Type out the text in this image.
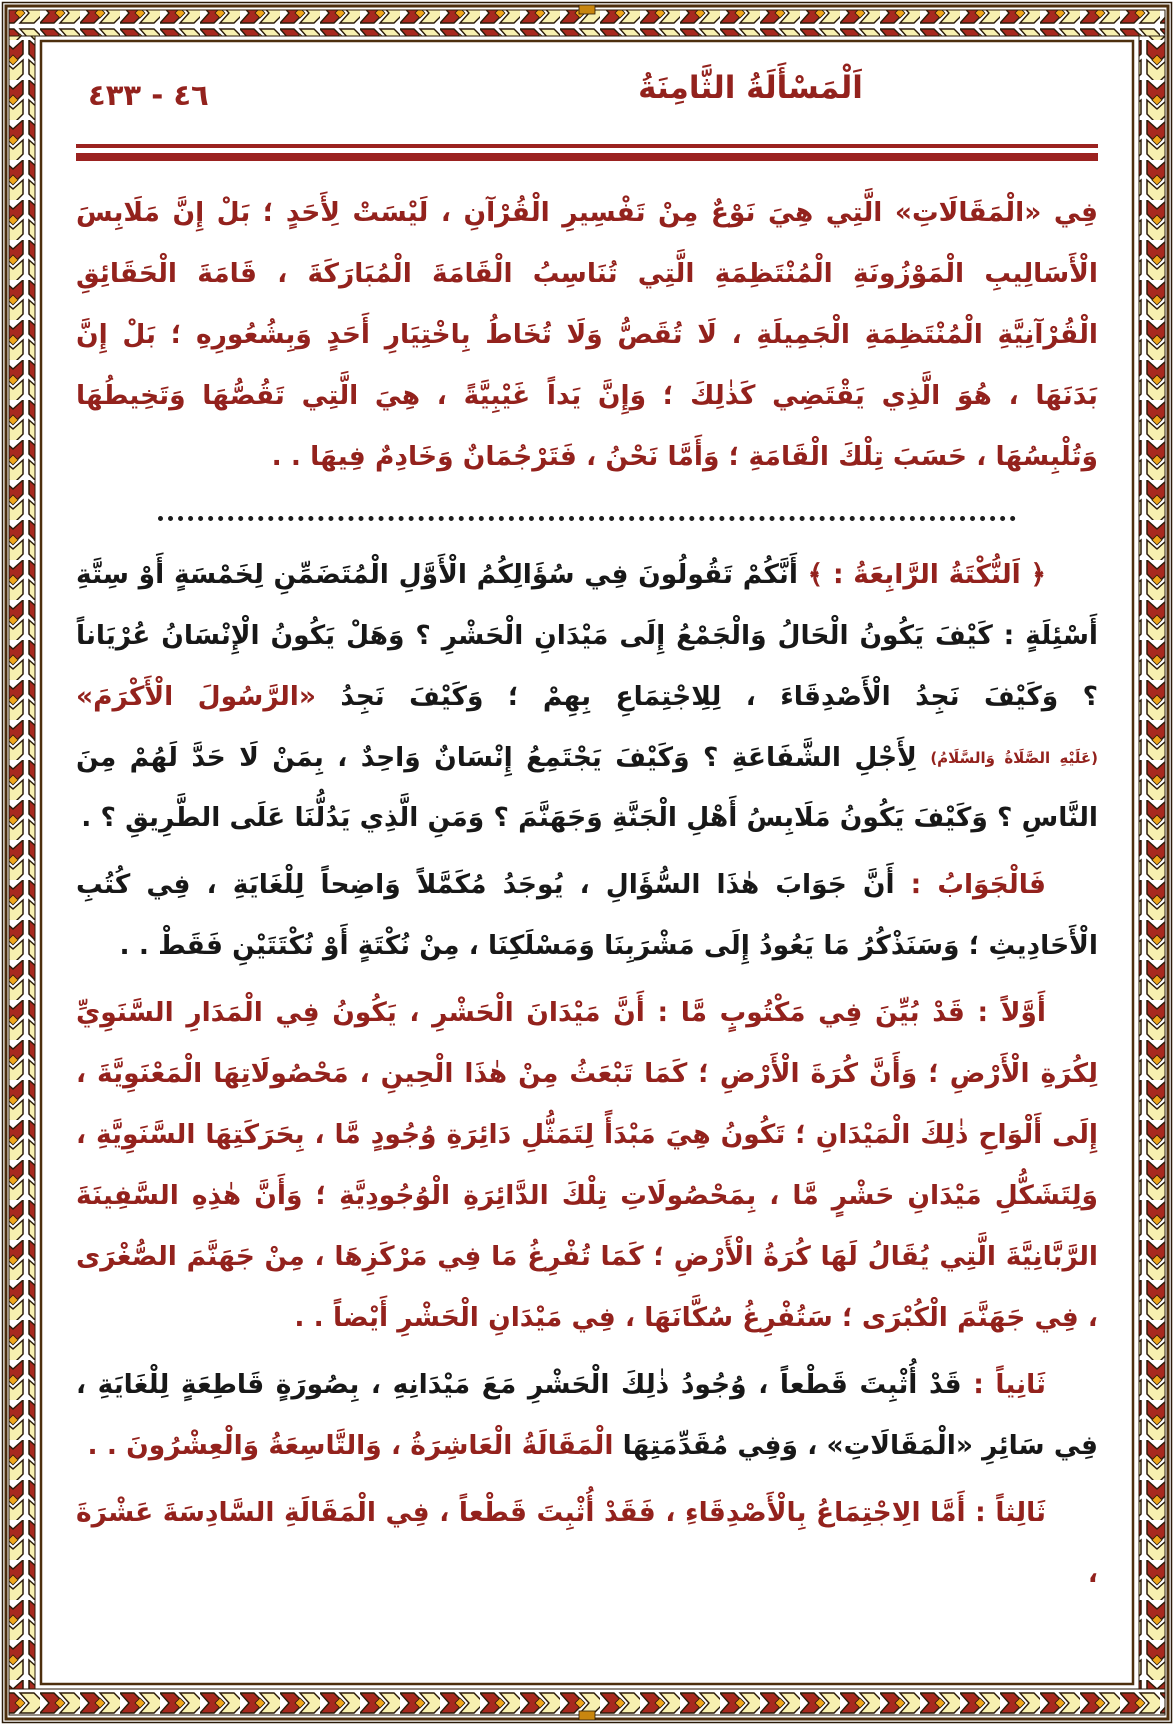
٤٦ - ٤٣٣	اَلْمَسْأَلَةُ الثَّامِنَةُ

فِي «الْمَقَالَاتِ» الَّتِي هِيَ نَوْعٌ مِنْ تَفْسِيرِ الْقُرْآنِ ، لَيْسَتْ لِأَحَدٍ ؛ بَلْ إِنَّ مَلَابِسَ الْأَسَالِيبِ الْمَوْزُونَةِ الْمُنْتَظِمَةِ الَّتِي تُنَاسِبُ الْقَامَةَ الْمُبَارَكَةَ ، قَامَةَ الْحَقَائِقِ الْقُرْآنِيَّةِ الْمُنْتَظِمَةِ الْجَمِيلَةِ ، لَا تُقَصُّ وَلَا تُخَاطُ بِاخْتِيَارِ أَحَدٍ وَبِشُعُورِهِ ؛ بَلْ إِنَّ بَدَنَهَا ، هُوَ الَّذِي يَقْتَضِي كَذٰلِكَ ؛ وَإِنَّ يَداً غَيْبِيَّةً ، هِيَ الَّتِي تَقُصُّهَا وَتَخِيطُهَا وَتُلْبِسُهَا ، حَسَبَ تِلْكَ الْقَامَةِ ؛ وَأَمَّا نَحْنُ ، فَتَرْجُمَانٌ وَخَادِمٌ فِيهَا . .

﴿ اَلنُّكْتَةُ الرَّابِعَةُ : ﴾ أَنَّكُمْ تَقُولُونَ فِي سُؤَالِكُمُ الْأَوَّلِ الْمُتَضَمِّنِ لِخَمْسَةٍ أَوْ سِتَّةِ أَسْئِلَةٍ : كَيْفَ يَكُونُ الْحَالُ وَالْجَمْعُ إِلَى مَيْدَانِ الْحَشْرِ ؟ وَهَلْ يَكُونُ الْإِنْسَانُ عُرْيَاناً ؟ وَكَيْفَ نَجِدُ الْأَصْدِقَاءَ ، لِلِاجْتِمَاعِ بِهِمْ ؛ وَكَيْفَ نَجِدُ «الرَّسُولَ الْأَكْرَمَ» (عَلَيْهِ الصَّلَاةُ وَالسَّلَامُ) لِأَجْلِ الشَّفَاعَةِ ؟ وَكَيْفَ يَجْتَمِعُ إِنْسَانٌ وَاحِدٌ ، بِمَنْ لَا حَدَّ لَهُمْ مِنَ النَّاسِ ؟ وَكَيْفَ يَكُونُ مَلَابِسُ أَهْلِ الْجَنَّةِ وَجَهَنَّمَ ؟ وَمَنِ الَّذِي يَدُلُّنَا عَلَى الطَّرِيقِ ؟ .

فَالْجَوَابُ : أَنَّ جَوَابَ هٰذَا السُّؤَالِ ، يُوجَدُ مُكَمَّلاً وَاضِحاً لِلْغَايَةِ ، فِي كُتُبِ الْأَحَادِيثِ ؛ وَسَنَذْكُرُ مَا يَعُودُ إِلَى مَشْرَبِنَا وَمَسْلَكِنَا ، مِنْ نُكْتَةٍ أَوْ نُكْتَتَيْنِ فَقَطْ . .

أَوَّلاً : قَدْ بُيِّنَ فِي مَكْتُوبٍ مَّا : أَنَّ مَيْدَانَ الْحَشْرِ ، يَكُونُ فِي الْمَدَارِ السَّنَوِيِّ لِكُرَةِ الْأَرْضِ ؛ وَأَنَّ كُرَةَ الْأَرْضِ ؛ كَمَا تَبْعَثُ مِنْ هٰذَا الْحِينِ ، مَحْصُولَاتِهَا الْمَعْنَوِيَّةَ ، إِلَى أَلْوَاحِ ذٰلِكَ الْمَيْدَانِ ؛ تَكُونُ هِيَ مَبْدَأً لِتَمَثُّلِ دَائِرَةِ وُجُودٍ مَّا ، بِحَرَكَتِهَا السَّنَوِيَّةِ ، وَلِتَشَكُّلِ مَيْدَانِ حَشْرٍ مَّا ، بِمَحْصُولَاتِ تِلْكَ الدَّائِرَةِ الْوُجُودِيَّةِ ؛ وَأَنَّ هٰذِهِ السَّفِينَةَ الرَّبَّانِيَّةَ الَّتِي يُقَالُ لَهَا كُرَةُ الْأَرْضِ ؛ كَمَا تُفْرِغُ مَا فِي مَرْكَزِهَا ، مِنْ جَهَنَّمَ الصُّغْرَى ، فِي جَهَنَّمَ الْكُبْرَى ؛ سَتُفْرِغُ سُكَّانَهَا ، فِي مَيْدَانِ الْحَشْرِ أَيْضاً . .

ثَانِياً : قَدْ أُثْبِتَ قَطْعاً ، وُجُودُ ذٰلِكَ الْحَشْرِ مَعَ مَيْدَانِهِ ، بِصُورَةٍ قَاطِعَةٍ لِلْغَايَةِ ، فِي سَائِرِ «الْمَقَالَاتِ» ، وَفِي مُقَدِّمَتِهَا الْمَقَالَةُ الْعَاشِرَةُ ، وَالتَّاسِعَةُ وَالْعِشْرُونَ . .

ثَالِثاً : أَمَّا الِاجْتِمَاعُ بِالْأَصْدِقَاءِ ، فَقَدْ أُثْبِتَ قَطْعاً ، فِي الْمَقَالَةِ السَّادِسَةَ عَشْرَةَ ،
